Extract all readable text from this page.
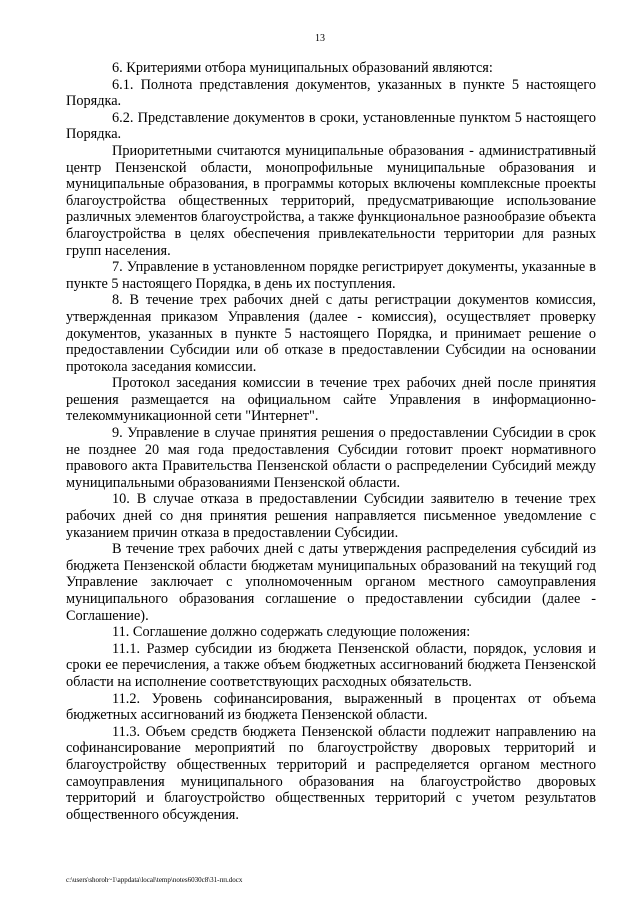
13

6. Критериями отбора муниципальных образований являются:

6.1. Полнота представления документов, указанных в пункте 5 настоящего Порядка.

6.2. Представление документов в сроки, установленные пунктом 5 настоящего Порядка.

Приоритетными считаются муниципальные образования - административный центр Пензенской области, монопрофильные муниципальные образования и муниципальные образования, в программы которых включены комплексные проекты благоустройства общественных территорий, предусматривающие использование различных элементов благоустройства, а также функциональное разнообразие объекта благоустройства в целях обеспечения привлекательности территории для разных групп населения.

7. Управление в установленном порядке регистрирует документы, указанные в пункте 5 настоящего Порядка, в день их поступления.

8. В течение трех рабочих дней с даты регистрации документов комиссия, утвержденная приказом Управления (далее - комиссия), осуществляет проверку документов, указанных в пункте 5 настоящего Порядка, и принимает решение о предоставлении Субсидии или об отказе в предоставлении Субсидии на основании протокола заседания комиссии.

Протокол заседания комиссии в течение трех рабочих дней после принятия решения размещается на официальном сайте Управления в информационно-телекоммуникационной сети "Интернет".

9. Управление в случае принятия решения о предоставлении Субсидии в срок не позднее 20 мая года предоставления Субсидии готовит проект нормативного правового акта Правительства Пензенской области о распределении Субсидий между муниципальными образованиями Пензенской области.

10. В случае отказа в предоставлении Субсидии заявителю в течение трех рабочих дней со дня принятия решения направляется письменное уведомление с указанием причин отказа в предоставлении Субсидии.

В течение трех рабочих дней с даты утверждения распределения субсидий из бюджета Пензенской области бюджетам муниципальных образований на текущий год Управление заключает с уполномоченным органом местного самоуправления муниципального образования соглашение о предоставлении субсидии (далее - Соглашение).

11. Соглашение должно содержать следующие положения:

11.1. Размер субсидии из бюджета Пензенской области, порядок, условия и сроки ее перечисления, а также объем бюджетных ассигнований бюджета Пензенской области на исполнение соответствующих расходных обязательств.

11.2. Уровень софинансирования, выраженный в процентах от объема бюджетных ассигнований из бюджета Пензенской области.

11.3. Объем средств бюджета Пензенской области подлежит направлению на софинансирование мероприятий по благоустройству дворовых территорий и благоустройству общественных территорий и распределяется органом местного самоуправления муниципального образования на благоустройство дворовых территорий и благоустройство общественных территорий с учетом результатов общественного обсуждения.

c:\users\shoroh~1\appdata\local\temp\notes6030c8\31-пп.docx
